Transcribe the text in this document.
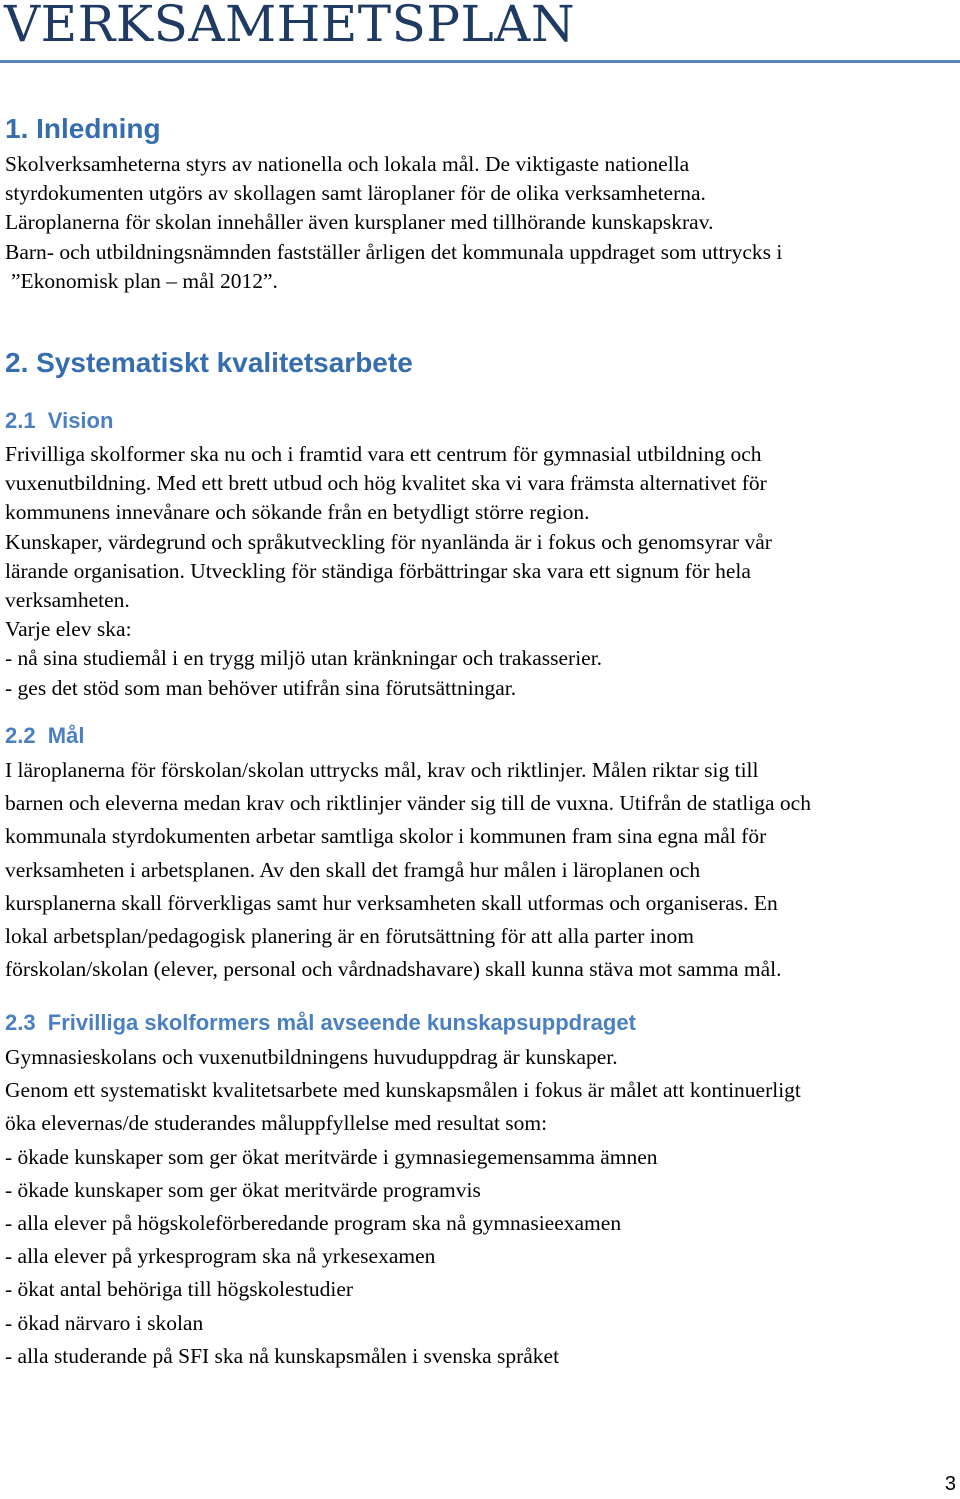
VERKSAMHETSPLAN
1. Inledning
Skolverksamheterna styrs av nationella och lokala mål. De viktigaste nationella
styrdokumenten utgörs av skollagen samt läroplaner för de olika verksamheterna.
Läroplanerna för skolan innehåller även kursplaner med tillhörande kunskapskrav.
Barn- och utbildningsnämnden fastställer årligen det kommunala uppdraget som uttrycks i
”Ekonomisk plan – mål 2012”.
2. Systematiskt kvalitetsarbete
2.1  Vision
Frivilliga skolformer ska nu och i framtid vara ett centrum för gymnasial utbildning och
vuxenutbildning. Med ett brett utbud och hög kvalitet ska vi vara främsta alternativet för
kommunens innevånare och sökande från en betydligt större region.
Kunskaper, värdegrund och språkutveckling för nyanlända är i fokus och genomsyrar vår
lärande organisation. Utveckling för ständiga förbättringar ska vara ett signum för hela
verksamheten.
Varje elev ska:
- nå sina studiemål i en trygg miljö utan kränkningar och trakasserier.
- ges det stöd som man behöver utifrån sina förutsättningar.
2.2  Mål
I läroplanerna för förskolan/skolan uttrycks mål, krav och riktlinjer. Målen riktar sig till
barnen och eleverna medan krav och riktlinjer vänder sig till de vuxna. Utifrån de statliga och
kommunala styrdokumenten arbetar samtliga skolor i kommunen fram sina egna mål för
verksamheten i arbetsplanen. Av den skall det framgå hur målen i läroplanen och
kursplanerna skall förverkligas samt hur verksamheten skall utformas och organiseras. En
lokal arbetsplan/pedagogisk planering är en förutsättning för att alla parter inom
förskolan/skolan (elever, personal och vårdnadshavare) skall kunna stäva mot samma mål.
2.3  Frivilliga skolformers mål avseende kunskapsuppdraget
Gymnasieskolans och vuxenutbildningens huvuduppdrag är kunskaper.
Genom ett systematiskt kvalitetsarbete med kunskapsmålen i fokus är målet att kontinuerligt
öka elevernas/de studerandes måluppfyllelse med resultat som:
- ökade kunskaper som ger ökat meritvärde i gymnasiegemensamma ämnen
- ökade kunskaper som ger ökat meritvärde programvis
- alla elever på högskoleförberedande program ska nå gymnasieexamen
- alla elever på yrkesprogram ska nå yrkesexamen
- ökat antal behöriga till högskolestudier
- ökad närvaro i skolan
- alla studerande på SFI ska nå kunskapsmålen i svenska språket
3
